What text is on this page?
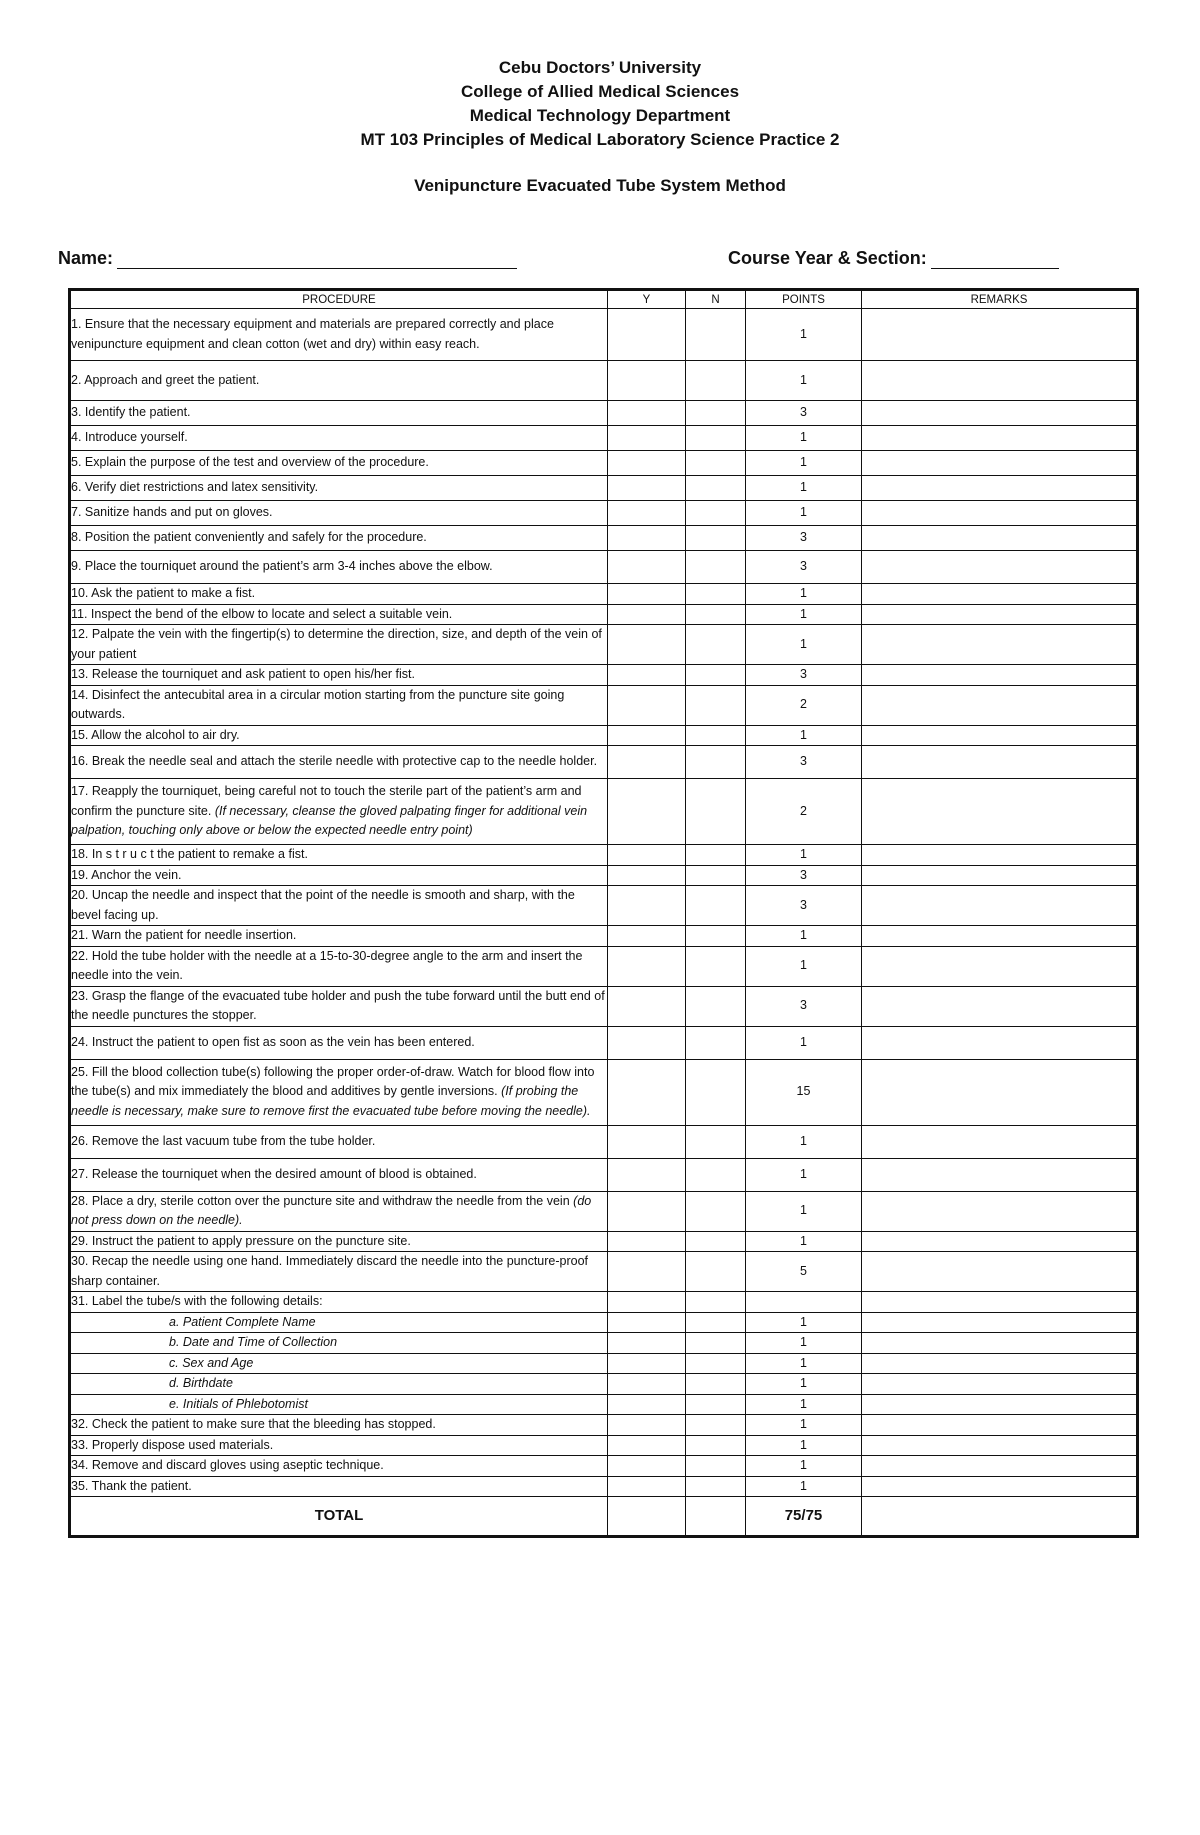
Cebu Doctors’ University
College of Allied Medical Sciences
Medical Technology Department
MT 103 Principles of Medical Laboratory Science Practice 2
Venipuncture Evacuated Tube System Method
Name:	Course Year & Section:
PROCEDURE	Y	N	POINTS	REMARKS
1. Ensure that the necessary equipment and materials are prepared correctly and place venipuncture equipment and clean cotton (wet and dry) within easy reach.			1	
2. Approach and greet the patient.			1	
3. Identify the patient.			3	
4. Introduce yourself.			1	
5. Explain the purpose of the test and overview of the procedure.			1	
6. Verify diet restrictions and latex sensitivity.			1	
7. Sanitize hands and put on gloves.			1	
8. Position the patient conveniently and safely for the procedure.			3	
9. Place the tourniquet around the patient’s arm 3-4 inches above the elbow.			3	
10. Ask the patient to make a fist.			1	
11. Inspect the bend of the elbow to locate and select a suitable vein.			1	
12. Palpate the vein with the fingertip(s) to determine the direction, size, and depth of the vein of your patient			1	
13. Release the tourniquet and ask patient to open his/her fist.			3	
14. Disinfect the antecubital area in a circular motion starting from the puncture site going outwards.			2	
15. Allow the alcohol to air dry.			1	
16. Break the needle seal and attach the sterile needle with protective cap to the needle holder.			3	
17. Reapply the tourniquet, being careful not to touch the sterile part of the patient’s arm and confirm the puncture site. (If necessary, cleanse the gloved palpating finger for additional vein palpation, touching only above or below the expected needle entry point)			2	
18. In s t r u c t the patient to remake a fist.			1	
19. Anchor the vein.			3	
20. Uncap the needle and inspect that the point of the needle is smooth and sharp, with the bevel facing up.			3	
21. Warn the patient for needle insertion.			1	
22. Hold the tube holder with the needle at a 15-to-30-degree angle to the arm and insert the needle into the vein.			1	
23. Grasp the flange of the evacuated tube holder and push the tube forward until the butt end of the needle punctures the stopper.			3	
24. Instruct the patient to open fist as soon as the vein has been entered.			1	
25. Fill the blood collection tube(s) following the proper order-of-draw. Watch for blood flow into the tube(s) and mix immediately the blood and additives by gentle inversions. (If probing the needle is necessary, make sure to remove first the evacuated tube before moving the needle).			15	
26. Remove the last vacuum tube from the tube holder.			1	
27. Release the tourniquet when the desired amount of blood is obtained.			1	
28. Place a dry, sterile cotton over the puncture site and withdraw the needle from the vein (do not press down on the needle).			1	
29. Instruct the patient to apply pressure on the puncture site.			1	
30. Recap the needle using one hand. Immediately discard the needle into the puncture-proof sharp container.			5	
31. Label the tube/s with the following details:				
a. Patient Complete Name			1	
b. Date and Time of Collection			1	
c. Sex and Age			1	
d. Birthdate			1	
e. Initials of Phlebotomist			1	
32. Check the patient to make sure that the bleeding has stopped.			1	
33. Properly dispose used materials.			1	
34. Remove and discard gloves using aseptic technique.			1	
35. Thank the patient.			1	
TOTAL			75/75	
